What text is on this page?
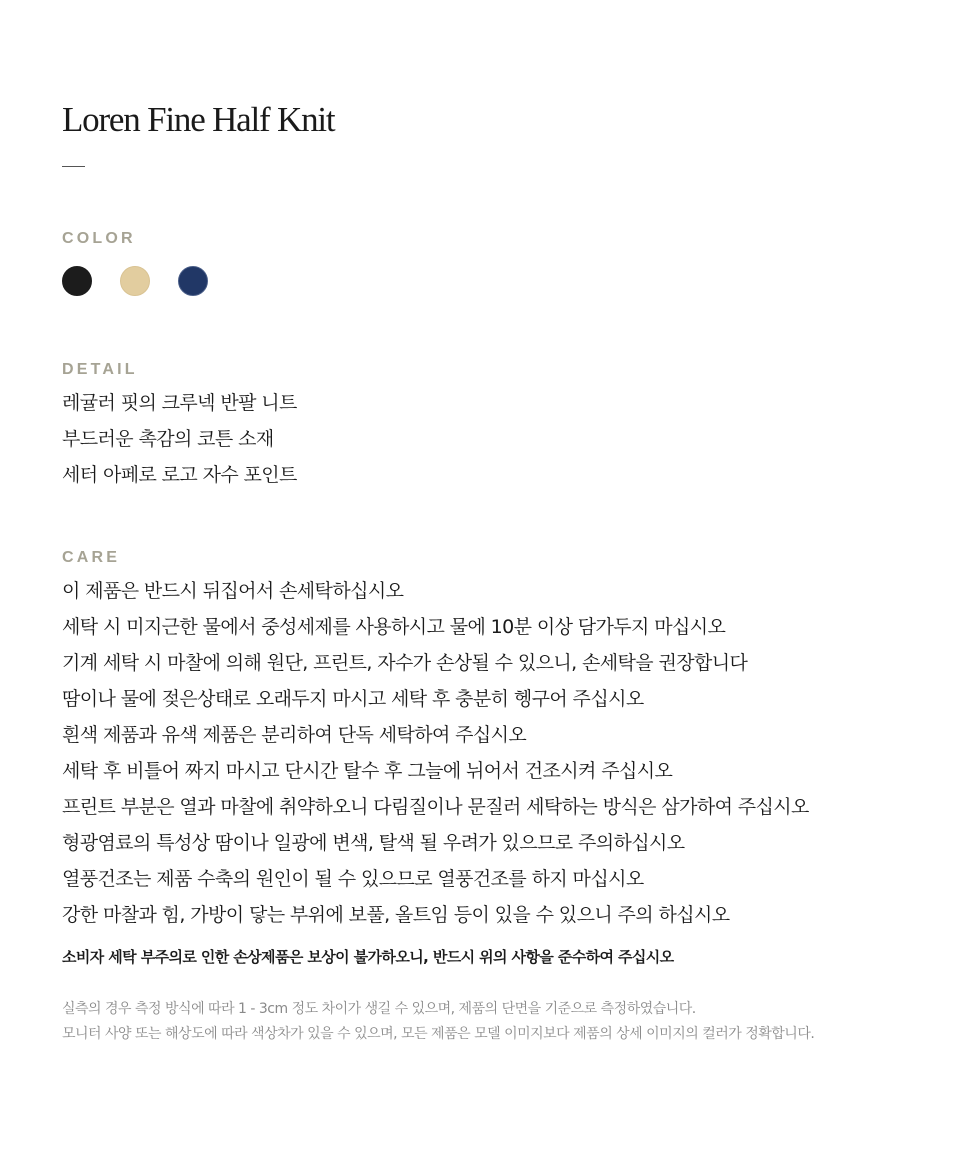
Loren Fine Half Knit
COLOR
DETAIL
레귤러 핏의 크루넥 반팔 니트
부드러운 촉감의 코튼 소재
세터 아페로 로고 자수 포인트
CARE
이 제품은 반드시 뒤집어서 손세탁하십시오
세탁 시 미지근한 물에서 중성세제를 사용하시고 물에 10분 이상 담가두지 마십시오
기계 세탁 시 마찰에 의해 원단, 프린트, 자수가 손상될 수 있으니, 손세탁을 권장합니다
땀이나 물에 젖은상태로 오래두지 마시고 세탁 후 충분히 헹구어 주십시오
흰색 제품과 유색 제품은 분리하여 단독 세탁하여 주십시오
세탁 후 비틀어 짜지 마시고 단시간 탈수 후 그늘에 뉘어서 건조시켜 주십시오
프린트 부분은 열과 마찰에 취약하오니 다림질이나 문질러 세탁하는 방식은 삼가하여 주십시오
형광염료의 특성상 땀이나 일광에 변색, 탈색 될 우려가 있으므로 주의하십시오
열풍건조는 제품 수축의 원인이 될 수 있으므로 열풍건조를 하지 마십시오
강한 마찰과 힘, 가방이 닿는 부위에 보풀, 올트임 등이 있을 수 있으니 주의 하십시오

소비자 세탁 부주의로 인한 손상제품은 보상이 불가하오니, 반드시 위의 사항을 준수하여 주십시오

실측의 경우 측정 방식에 따라 1 - 3cm 정도 차이가 생길 수 있으며, 제품의 단면을 기준으로 측정하였습니다.
모니터 사양 또는 해상도에 따라 색상차가 있을 수 있으며, 모든 제품은 모델 이미지보다 제품의 상세 이미지의 컬러가 정확합니다.
